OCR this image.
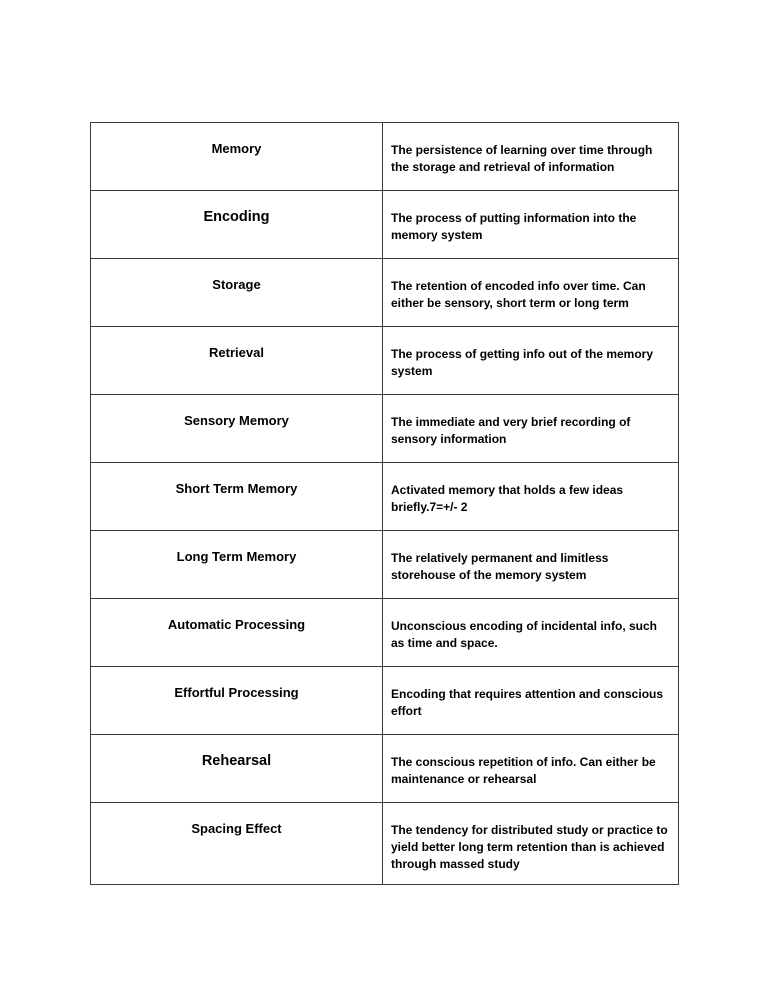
Memory	The persistence of learning over time through the storage and retrieval of information

Encoding	The process of putting information into the memory system

Storage	The retention of encoded info over time. Can either be sensory, short term or long term

Retrieval	The process of getting info out of the memory system

Sensory Memory	The immediate and very brief recording of sensory information

Short Term Memory	Activated memory that holds a few ideas briefly.7=+/- 2

Long Term Memory	The relatively permanent and limitless storehouse of the memory system

Automatic Processing	Unconscious encoding of incidental info, such as time and space.

Effortful Processing	Encoding that requires attention and conscious effort

Rehearsal	The conscious repetition of info. Can either be maintenance or rehearsal

Spacing Effect	The tendency for distributed study or practice to yield better long term retention than is achieved through massed study
